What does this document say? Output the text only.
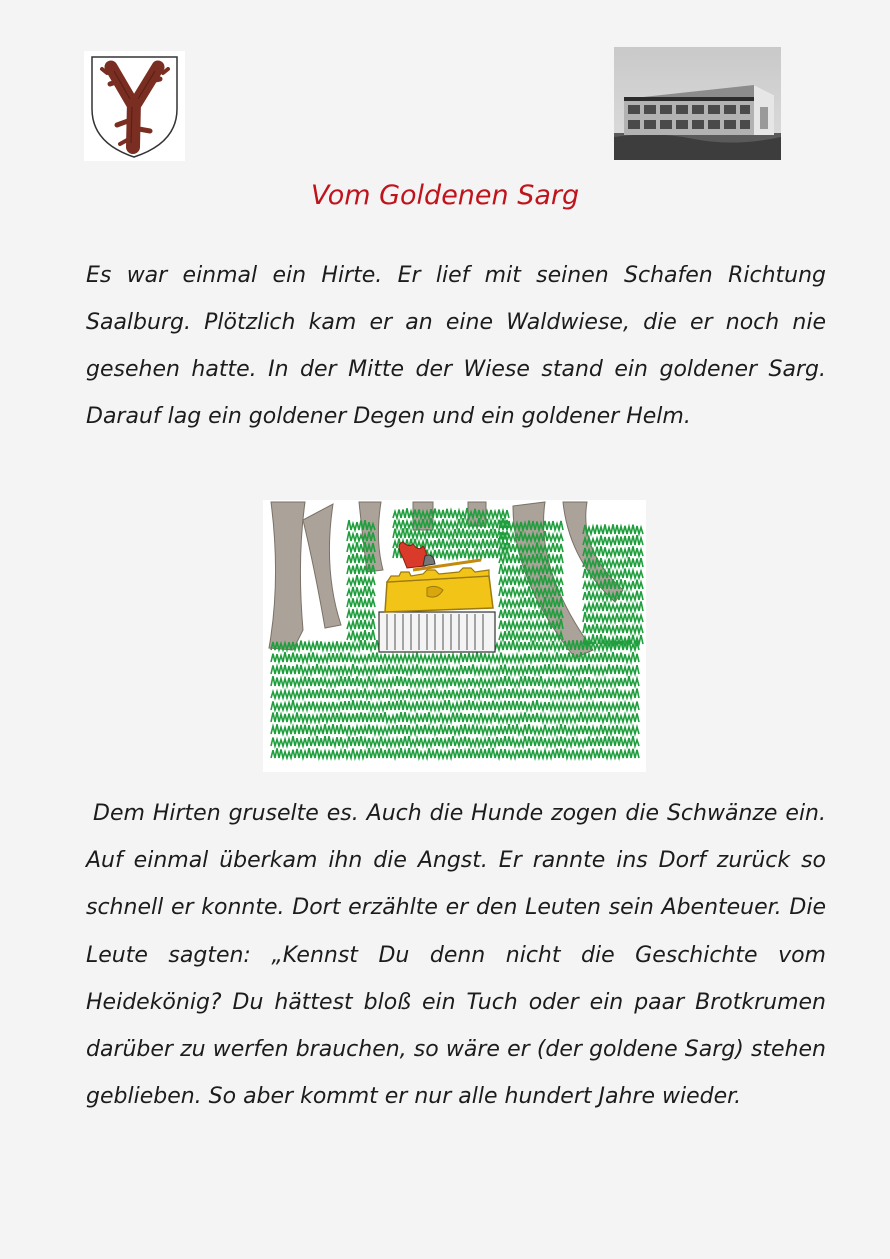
Vom Goldenen Sarg
Es war einmal ein Hirte. Er lief mit seinen Schafen Richtung Saalburg. Plötzlich kam er an eine Waldwiese, die er noch nie gesehen hatte. In der Mitte der Wiese stand ein goldener Sarg. Darauf lag ein goldener Degen und ein goldener Helm.
Dem Hirten gruselte es. Auch die Hunde zogen die Schwänze ein. Auf einmal überkam ihn die Angst. Er rannte ins Dorf zurück so schnell er konnte. Dort erzählte er den Leuten sein Abenteuer. Die Leute sagten: „Kennst Du denn nicht die Geschichte vom Heidekönig? Du hättest bloß ein Tuch oder ein paar Brotkrumen darüber zu werfen brauchen, so wäre er (der goldene Sarg) stehen geblieben. So aber kommt er nur alle hundert Jahre wieder.
